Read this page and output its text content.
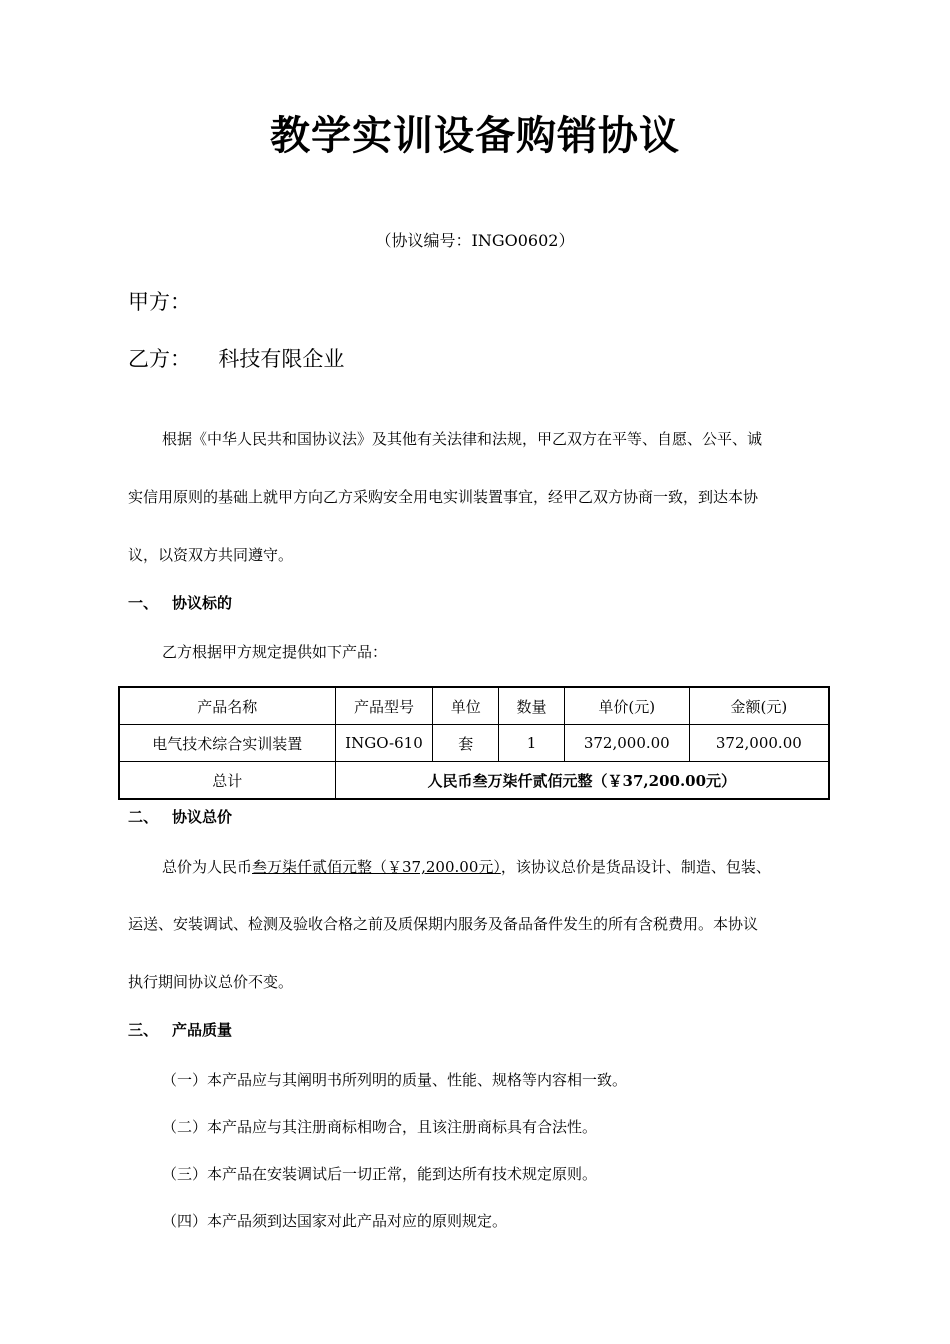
教学实训设备购销协议
（协议编号：INGO0602）
甲方：
乙方： 科技有限企业
根据《中华人民共和国协议法》及其他有关法律和法规，甲乙双方在平等、自愿、公平、诚
实信用原则的基础上就甲方向乙方采购安全用电实训装置事宜，经甲乙双方协商一致，到达本协
议，以资双方共同遵守。
一、 协议标的
乙方根据甲方规定提供如下产品：
产品名称	产品型号	单位	数量	单价(元)	金额(元)
电气技术综合实训装置	INGO-610	套	1	372,000.00	372,000.00
总计	人民币叁万柒仟贰佰元整（￥37,200.00元）				
二、 协议总价
总价为人民币叁万柒仟贰佰元整（￥37,200.00元），该协议总价是货品设计、制造、包装、
运送、安装调试、检测及验收合格之前及质保期内服务及备品备件发生的所有含税费用。本协议
执行期间协议总价不变。
三、 产品质量
（一）本产品应与其阐明书所列明的质量、性能、规格等内容相一致。
（二）本产品应与其注册商标相吻合，且该注册商标具有合法性。
（三）本产品在安装调试后一切正常，能到达所有技术规定原则。
（四）本产品须到达国家对此产品对应的原则规定。
